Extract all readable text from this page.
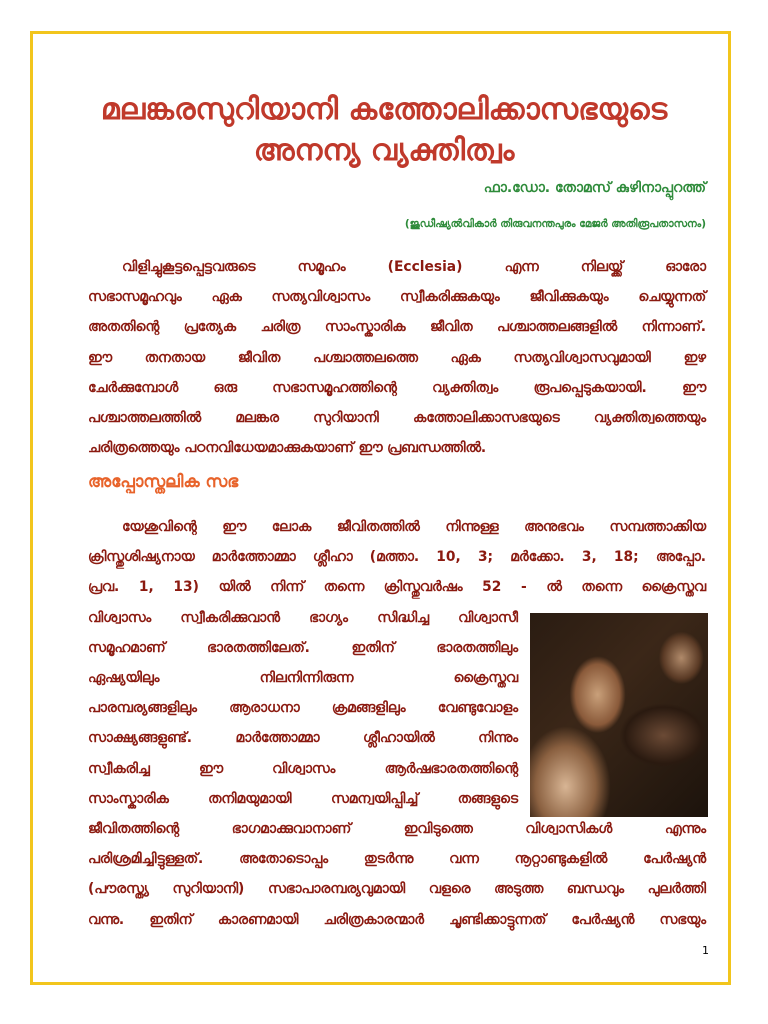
മലങ്കരസുറിയാനി കത്തോലിക്കാസഭയുടെ
അനന്യ വ്യക്തിത്വം
ഫാ.ഡോ. തോമസ് കുഴിനാപ്പുറത്ത്
(ജുഡീഷ്യൽവികാർ തിരുവനന്തപുരം മേജർ അതിരൂപതാസനം)
വിളിച്ചുകൂട്ടപ്പെട്ടവരുടെ സമൂഹം (Ecclesia) എന്ന നിലയ്ക്ക് ഓരോ
സഭാസമൂഹവും ഏക സത്യവിശ്വാസം സ്വീകരിക്കുകയും ജീവിക്കുകയും ചെയ്യുന്നത്
അതതിന്റെ പ്രത്യേക ചരിത്ര സാംസ്കാരിക ജീവിത പശ്ചാത്തലങ്ങളിൽ നിന്നാണ്.
ഈ തനതായ ജീവിത പശ്ചാത്തലത്തെ ഏക സത്യവിശ്വാസവുമായി ഇഴ
ചേർക്കുമ്പോൾ ഒരു സഭാസമൂഹത്തിന്റെ വ്യക്തിത്വം രൂപപ്പെടുകയായി. ഈ
പശ്ചാത്തലത്തിൽ മലങ്കര സുറിയാനി കത്തോലിക്കാസഭയുടെ വ്യക്തിത്വത്തെയും
ചരിത്രത്തെയും പഠനവിധേയമാക്കുകയാണ് ഈ പ്രബന്ധത്തിൽ.
അപ്പോസ്തലിക സഭ
യേശുവിന്റെ ഈ ലോക ജീവിതത്തിൽ നിന്നുള്ള അനുഭവം സമ്പത്താക്കിയ
ക്രിസ്തുശിഷ്യനായ മാർത്തോമ്മാ ശ്ലീഹാ (മത്താ. 10, 3; മർക്കോ. 3, 18; അപ്പോ.
പ്രവ. 1, 13) യിൽ നിന്ന് തന്നെ ക്രിസ്തുവർഷം 52 - ൽ തന്നെ ക്രൈസ്തവ
വിശ്വാസം സ്വീകരിക്കുവാൻ ഭാഗ്യം സിദ്ധിച്ച വിശ്വാസീ
സമൂഹമാണ് ഭാരതത്തിലേത്. ഇതിന് ഭാരതത്തിലും
ഏഷ്യയിലും നിലനിന്നിരുന്ന ക്രൈസ്തവ
പാരമ്പര്യങ്ങളിലും ആരാധനാ ക്രമങ്ങളിലും വേണ്ടുവോളം
സാക്ഷ്യങ്ങളുണ്ട്. മാർത്തോമ്മാ ശ്ലീഹായിൽ നിന്നും
സ്വീകരിച്ച ഈ വിശ്വാസം ആർഷഭാരതത്തിന്റെ
സാംസ്കാരിക തനിമയുമായി സമന്വയിപ്പിച്ച് തങ്ങളുടെ
ജീവിതത്തിന്റെ ഭാഗമാക്കുവാനാണ് ഇവിടുത്തെ വിശ്വാസികൾ എന്നും
പരിശ്രമിച്ചിട്ടുള്ളത്. അതോടൊപ്പം തുടർന്നു വന്ന നൂറ്റാണ്ടുകളിൽ പേർഷ്യൻ
(പൗരസ്ത്യ സുറിയാനി) സഭാപാരമ്പര്യവുമായി വളരെ അടുത്ത ബന്ധവും പുലർത്തി
വന്നു. ഇതിന് കാരണമായി ചരിത്രകാരന്മാർ ചൂണ്ടിക്കാട്ടുന്നത് പേർഷ്യൻ സഭയും
1
